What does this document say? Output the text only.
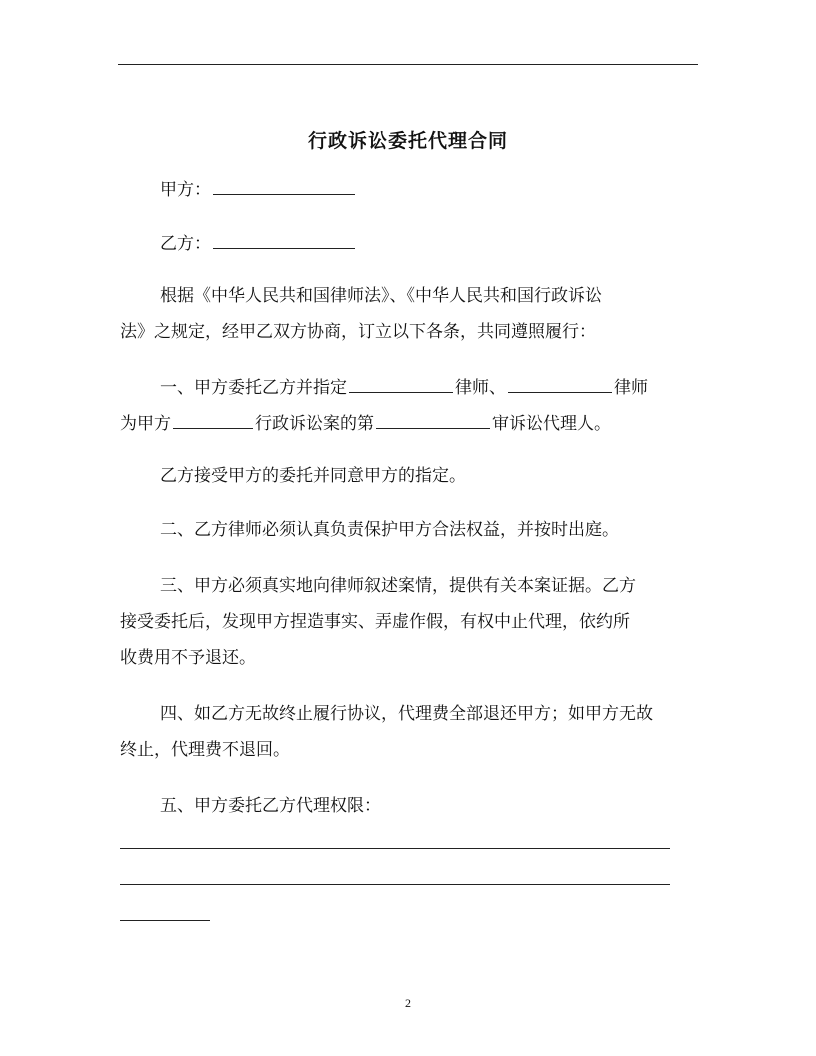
行政诉讼委托代理合同
甲方：
乙方：
根据《中华人民共和国律师法》、《中华人民共和国行政诉讼
法》之规定，经甲乙双方协商，订立以下各条，共同遵照履行：
一、甲方委托乙方并指定	律师、	律师
为甲方	行政诉讼案的第	审诉讼代理人。
乙方接受甲方的委托并同意甲方的指定。
二、乙方律师必须认真负责保护甲方合法权益，并按时出庭。
三、甲方必须真实地向律师叙述案情，提供有关本案证据。乙方
接受委托后，发现甲方捏造事实、弄虚作假，有权中止代理，依约所
收费用不予退还。
四、如乙方无故终止履行协议，代理费全部退还甲方；如甲方无故
终止，代理费不退回。
五、甲方委托乙方代理权限：
2
